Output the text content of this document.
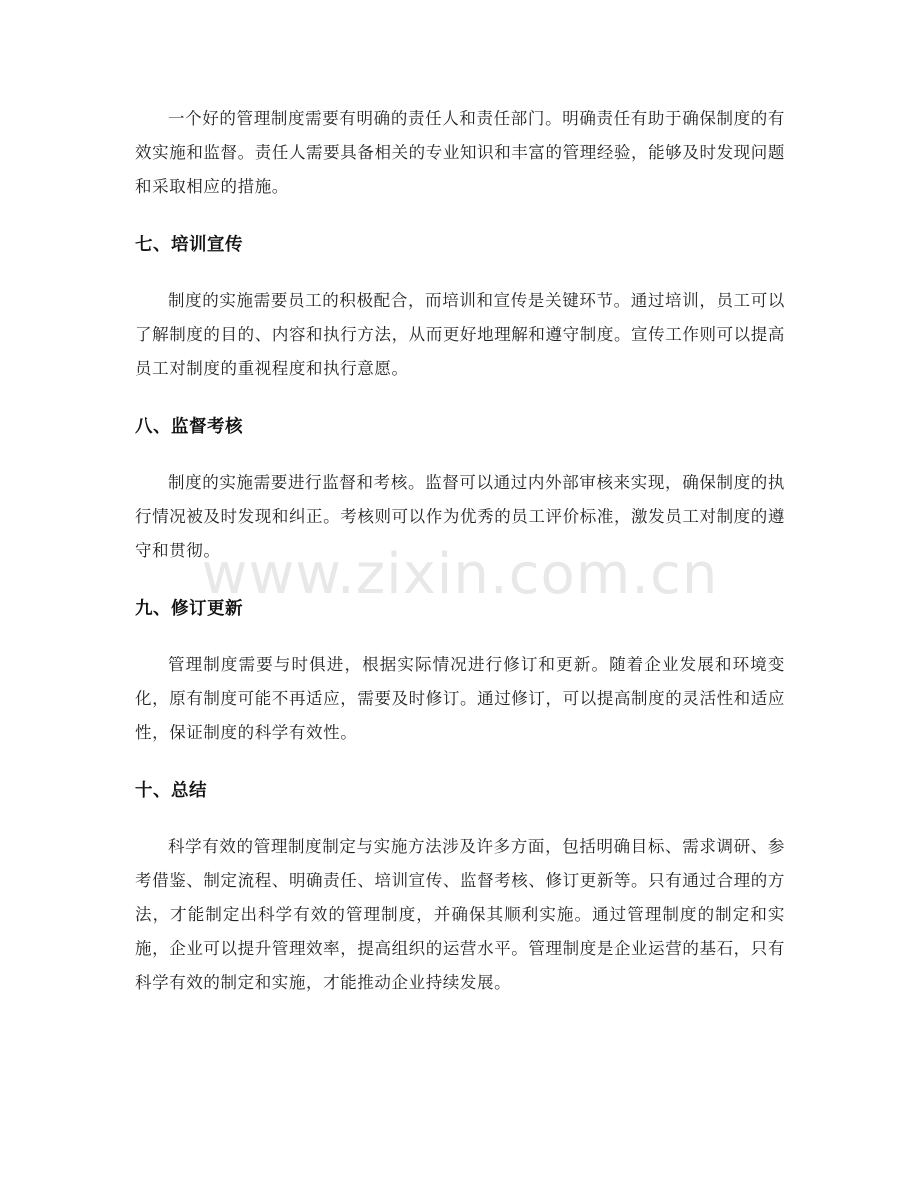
一个好的管理制度需要有明确的责任人和责任部门。明确责任有助于确保制度的有效实施和监督。责任人需要具备相关的专业知识和丰富的管理经验，能够及时发现问题和采取相应的措施。

七、培训宣传

制度的实施需要员工的积极配合，而培训和宣传是关键环节。通过培训，员工可以了解制度的目的、内容和执行方法，从而更好地理解和遵守制度。宣传工作则可以提高员工对制度的重视程度和执行意愿。

八、监督考核

制度的实施需要进行监督和考核。监督可以通过内外部审核来实现，确保制度的执行情况被及时发现和纠正。考核则可以作为优秀的员工评价标准，激发员工对制度的遵守和贯彻。

九、修订更新

管理制度需要与时俱进，根据实际情况进行修订和更新。随着企业发展和环境变化，原有制度可能不再适应，需要及时修订。通过修订，可以提高制度的灵活性和适应性，保证制度的科学有效性。

十、总结

科学有效的管理制度制定与实施方法涉及许多方面，包括明确目标、需求调研、参考借鉴、制定流程、明确责任、培训宣传、监督考核、修订更新等。只有通过合理的方法，才能制定出科学有效的管理制度，并确保其顺利实施。通过管理制度的制定和实施，企业可以提升管理效率，提高组织的运营水平。管理制度是企业运营的基石，只有科学有效的制定和实施，才能推动企业持续发展。

www.zixin.com.cn
